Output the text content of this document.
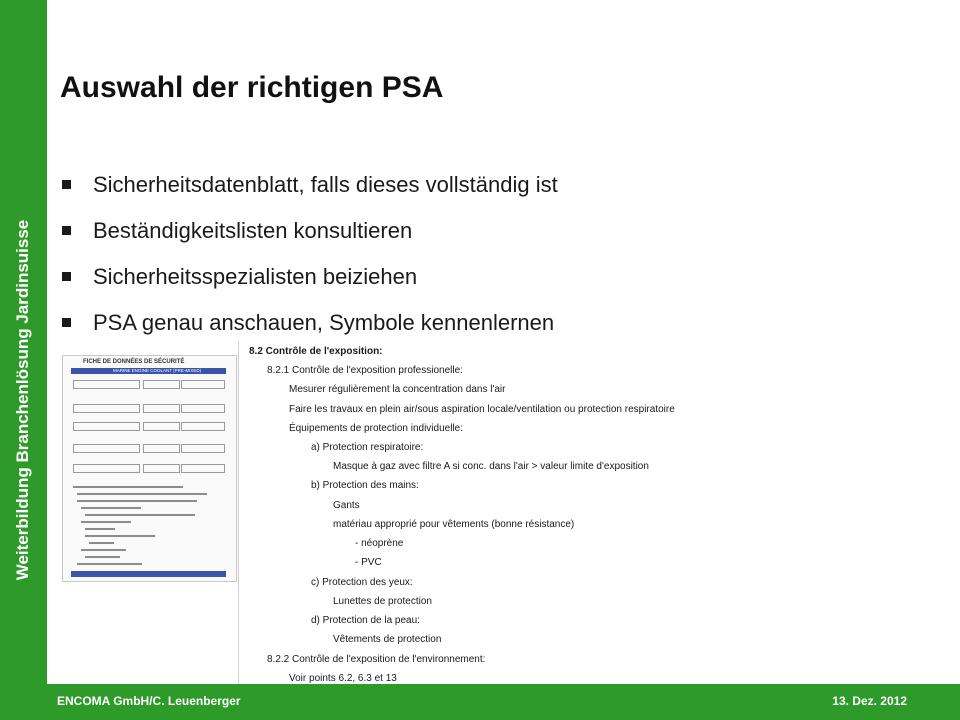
Weiterbildung Branchenlösung Jardinsuisse
Auswahl der richtigen PSA
Sicherheitsdatenblatt, falls dieses vollständig ist
Beständigkeitslisten konsultieren
Sicherheitsspezialisten beiziehen
PSA genau anschauen, Symbole kennenlernen
FICHE DE DONNÉES DE SÉCURITÉ
MARINE ENGINE COOLANT (PRE-MIXED)
8.2 Contrôle de l'exposition:
8.2.1 Contrôle de l'exposition professionelle:
Mesurer régulièrement la concentration dans l'air
Faire les travaux en plein air/sous aspiration locale/ventilation ou protection respiratoire
Équipements de protection individuelle:
a) Protection respiratoire:
Masque à gaz avec filtre A si conc. dans l'air > valeur limite d'exposition
b) Protection des mains:
Gants
matériau approprié pour vêtements (bonne résistance)
- néoprène
- PVC
c) Protection des yeux:
Lunettes de protection
d) Protection de la peau:
Vêtements de protection
8.2.2 Contrôle de l'exposition de l'environnement:
Voir points 6.2, 6.3 et 13
ENCOMA GmbH/C. Leuenberger	13. Dez. 2012
